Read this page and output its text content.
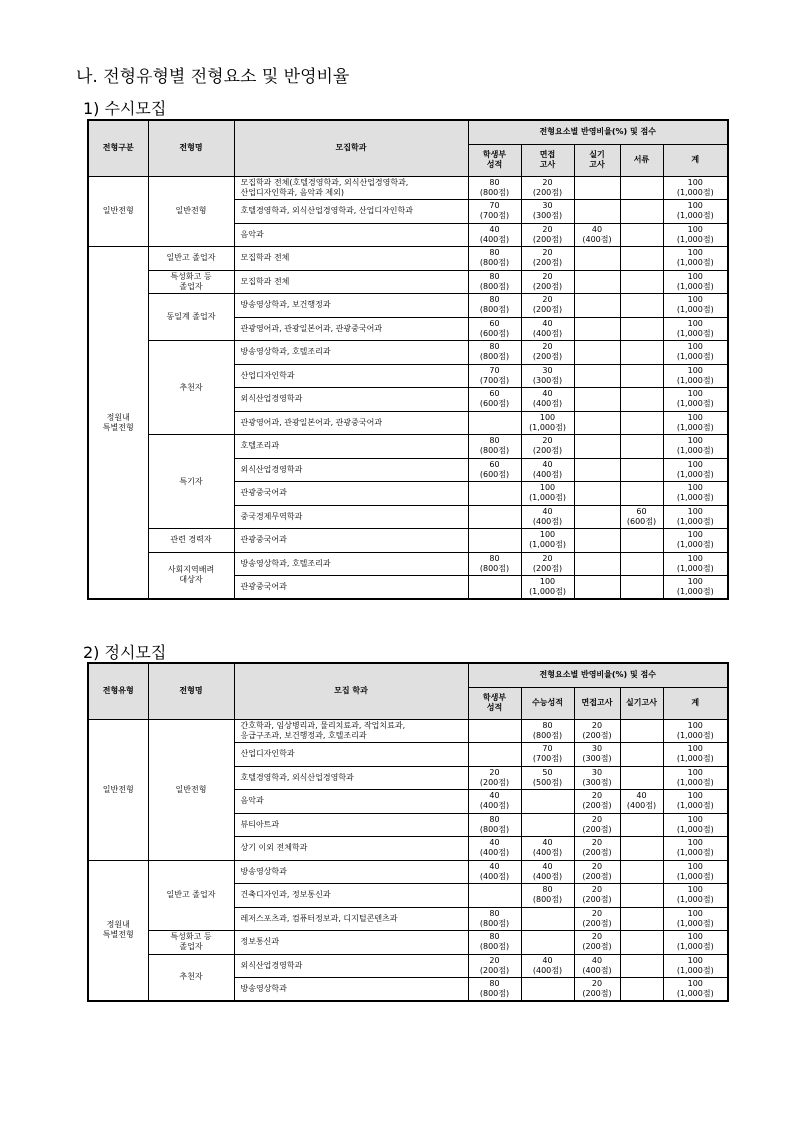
나. 전형유형별 전형요소 및 반영비율
1) 수시모집
전형구분	전형명	모집학과	전형요소별 반영비율(%) 및 점수				

			학생부
성적	면접
고사	실기
고사	서류	계

일반전형	일반전형	모집학과 전체(호텔경영학과, 외식산업경영학과,
산업디자인학과, 음악과 제외)	80
(800점)	20
(200점)			100
(1,000점)

		호텔경영학과, 외식산업경영학과, 산업디자인학과	70
(700점)	30
(300점)			100
(1,000점)

		음악과	40
(400점)	20
(200점)	40
(400점)		100
(1,000점)

정원내
특별전형	일반고 졸업자	모집학과 전체	80
(800점)	20
(200점)			100
(1,000점)

	특성화고 등
졸업자	모집학과 전체	80
(800점)	20
(200점)			100
(1,000점)

	동일계 졸업자	방송영상학과, 보건행정과	80
(800점)	20
(200점)			100
(1,000점)

		관광영어과, 관광일본어과, 관광중국어과	60
(600점)	40
(400점)			100
(1,000점)

	추천자	방송영상학과, 호텔조리과	80
(800점)	20
(200점)			100
(1,000점)

		산업디자인학과	70
(700점)	30
(300점)			100
(1,000점)

		외식산업경영학과	60
(600점)	40
(400점)			100
(1,000점)

		관광영어과, 관광일본어과, 관광중국어과		100
(1,000점)			100
(1,000점)

	특기자	호텔조리과	80
(800점)	20
(200점)			100
(1,000점)

		외식산업경영학과	60
(600점)	40
(400점)			100
(1,000점)

		관광중국어과		100
(1,000점)			100
(1,000점)

		중국경제무역학과		40
(400점)		60
(600점)	100
(1,000점)

	관련 경력자	관광중국어과		100
(1,000점)			100
(1,000점)

	사회지역배려
대상자	방송영상학과, 호텔조리과	80
(800점)	20
(200점)			100
(1,000점)

		관광중국어과		100
(1,000점)			100
(1,000점)
2) 정시모집
전형유형	전형명	모집 학과	전형요소별 반영비율(%) 및 점수				

			학생부
성적	수능성적	면접고사	실기고사	계

일반전형	일반전형	간호학과, 임상병리과, 물리치료과, 작업치료과,
응급구조과, 보건행정과, 호텔조리과		80
(800점)	20
(200점)		100
(1,000점)

		산업디자인학과		70
(700점)	30
(300점)		100
(1,000점)

		호텔경영학과, 외식산업경영학과	20
(200점)	50
(500점)	30
(300점)		100
(1,000점)

		음악과	40
(400점)		20
(200점)	40
(400점)	100
(1,000점)

		뷰티아트과	80
(800점)		20
(200점)		100
(1,000점)

		상기 이외 전체학과	40
(400점)	40
(400점)	20
(200점)		100
(1,000점)

정원내
특별전형	일반고 졸업자	방송영상학과	40
(400점)	40
(400점)	20
(200점)		100
(1,000점)

		건축디자인과, 정보통신과		80
(800점)	20
(200점)		100
(1,000점)

		레저스포츠과, 컴퓨터정보과, 디지털콘텐츠과	80
(800점)		20
(200점)		100
(1,000점)

	특성화고 등
졸업자	정보통신과	80
(800점)		20
(200점)		100
(1,000점)

	추천자	외식산업경영학과	20
(200점)	40
(400점)	40
(400점)		100
(1,000점)

		방송영상학과	80
(800점)		20
(200점)		100
(1,000점)
